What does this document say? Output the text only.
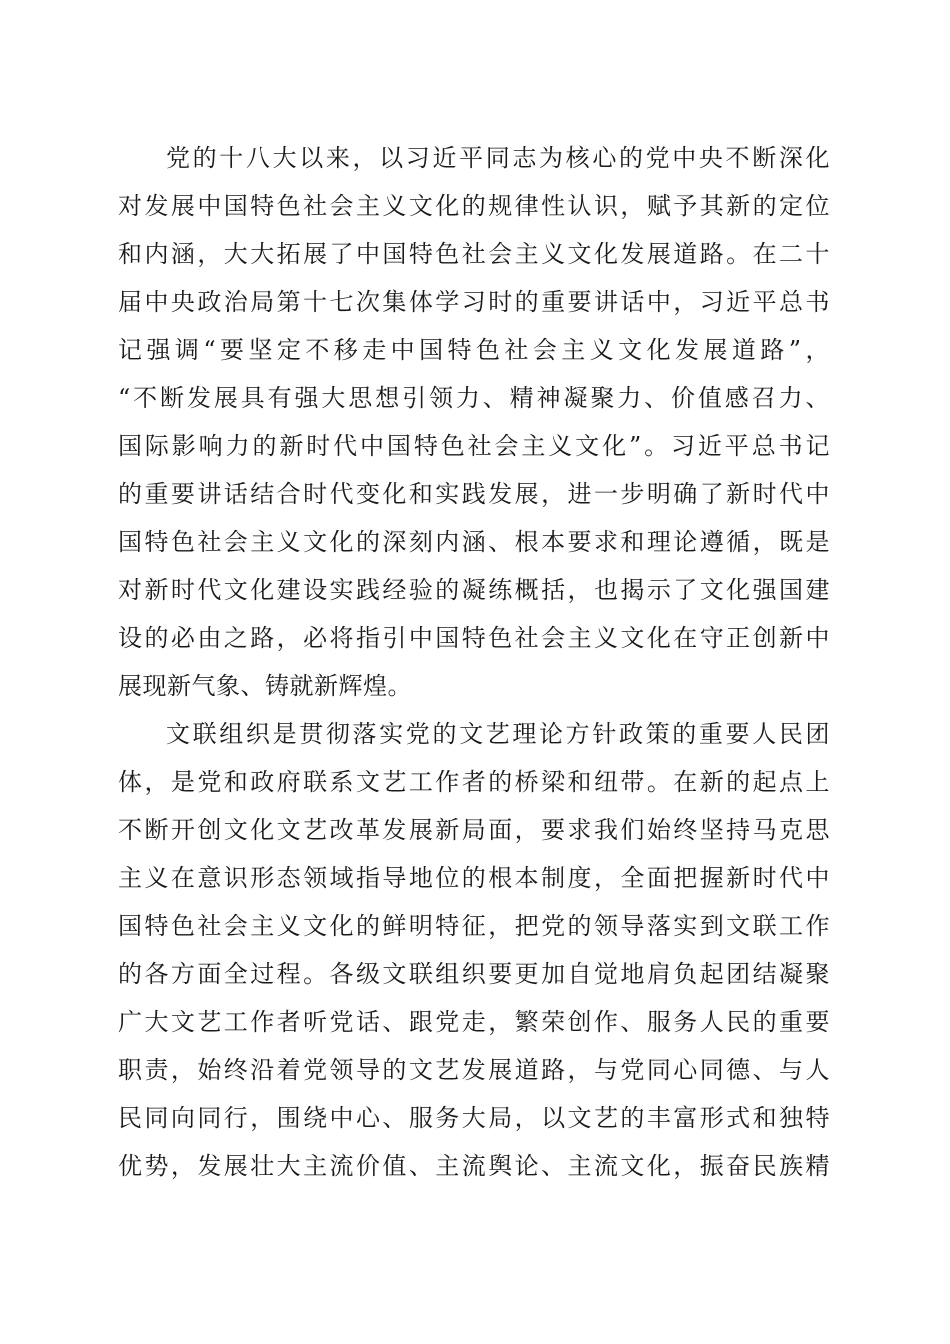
党的十八大以来，以习近平同志为核心的党中央不断深化
对发展中国特色社会主义文化的规律性认识，赋予其新的定位
和内涵，大大拓展了中国特色社会主义文化发展道路。在二十
届中央政治局第十七次集体学习时的重要讲话中，习近平总书
记强调“要坚定不移走中国特色社会主义文化发展道路”，
“不断发展具有强大思想引领力、精神凝聚力、价值感召力、
国际影响力的新时代中国特色社会主义文化”。习近平总书记
的重要讲话结合时代变化和实践发展，进一步明确了新时代中
国特色社会主义文化的深刻内涵、根本要求和理论遵循，既是
对新时代文化建设实践经验的凝练概括，也揭示了文化强国建
设的必由之路，必将指引中国特色社会主义文化在守正创新中
展现新气象、铸就新辉煌。
文联组织是贯彻落实党的文艺理论方针政策的重要人民团
体，是党和政府联系文艺工作者的桥梁和纽带。在新的起点上
不断开创文化文艺改革发展新局面，要求我们始终坚持马克思
主义在意识形态领域指导地位的根本制度，全面把握新时代中
国特色社会主义文化的鲜明特征，把党的领导落实到文联工作
的各方面全过程。各级文联组织要更加自觉地肩负起团结凝聚
广大文艺工作者听党话、跟党走，繁荣创作、服务人民的重要
职责，始终沿着党领导的文艺发展道路，与党同心同德、与人
民同向同行，围绕中心、服务大局，以文艺的丰富形式和独特
优势，发展壮大主流价值、主流舆论、主流文化，振奋民族精
